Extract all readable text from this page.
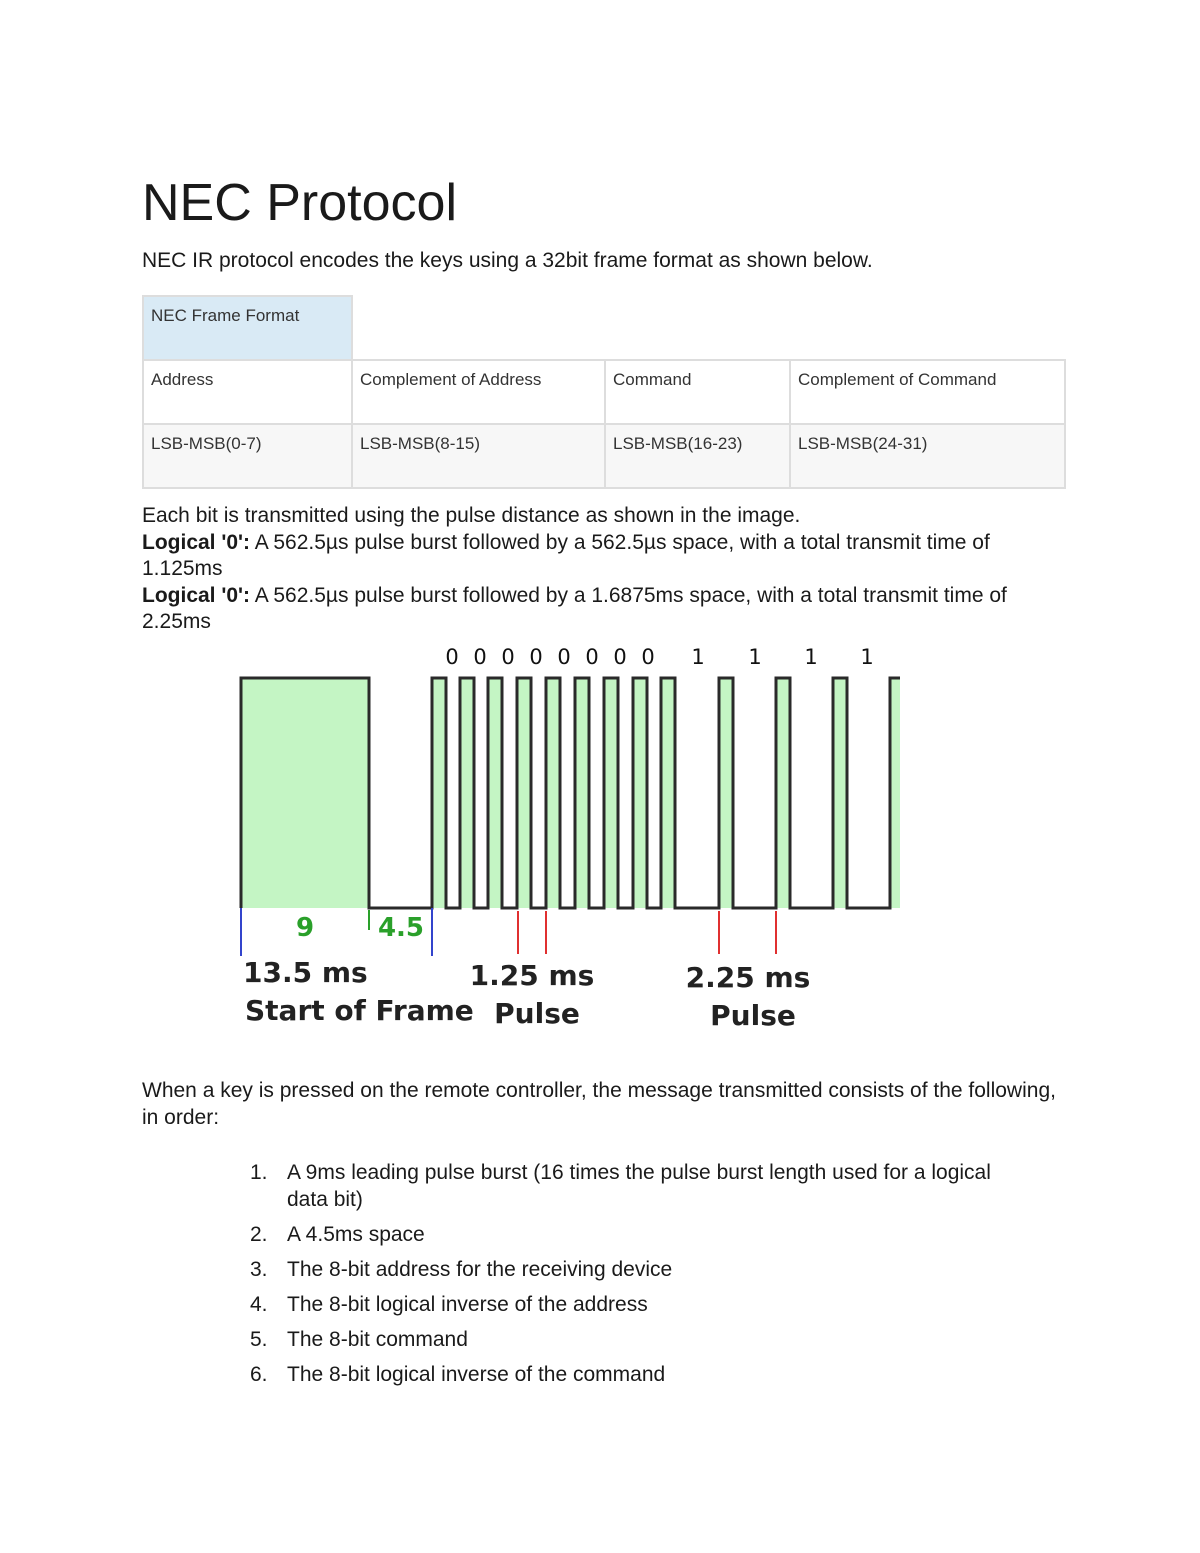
NEC Protocol

NEC IR protocol encodes the keys using a 32bit frame format as shown below.

NEC Frame Format			
Address	Complement of Address	Command	Complement of Command
LSB-MSB(0-7)	LSB-MSB(8-15)	LSB-MSB(16-23)	LSB-MSB(24-31)

Each bit is transmitted using the pulse distance as shown in the image.

Logical '0': A 562.5µs pulse burst followed by a 562.5µs space, with a total transmit time of 1.125ms

Logical '0': A 562.5µs pulse burst followed by a 1.6875ms space, with a total transmit time of 2.25ms

0 0 0 0 0 0 0 0 1 1 1 1
9 4.5
13.5 ms
Start of Frame
1.25 ms
Pulse
2.25 ms
Pulse

When a key is pressed on the remote controller, the message transmitted consists of the following, in order:

1. A 9ms leading pulse burst (16 times the pulse burst length used for a logical data bit)
2. A 4.5ms space
3. The 8-bit address for the receiving device
4. The 8-bit logical inverse of the address
5. The 8-bit command
6. The 8-bit logical inverse of the command
